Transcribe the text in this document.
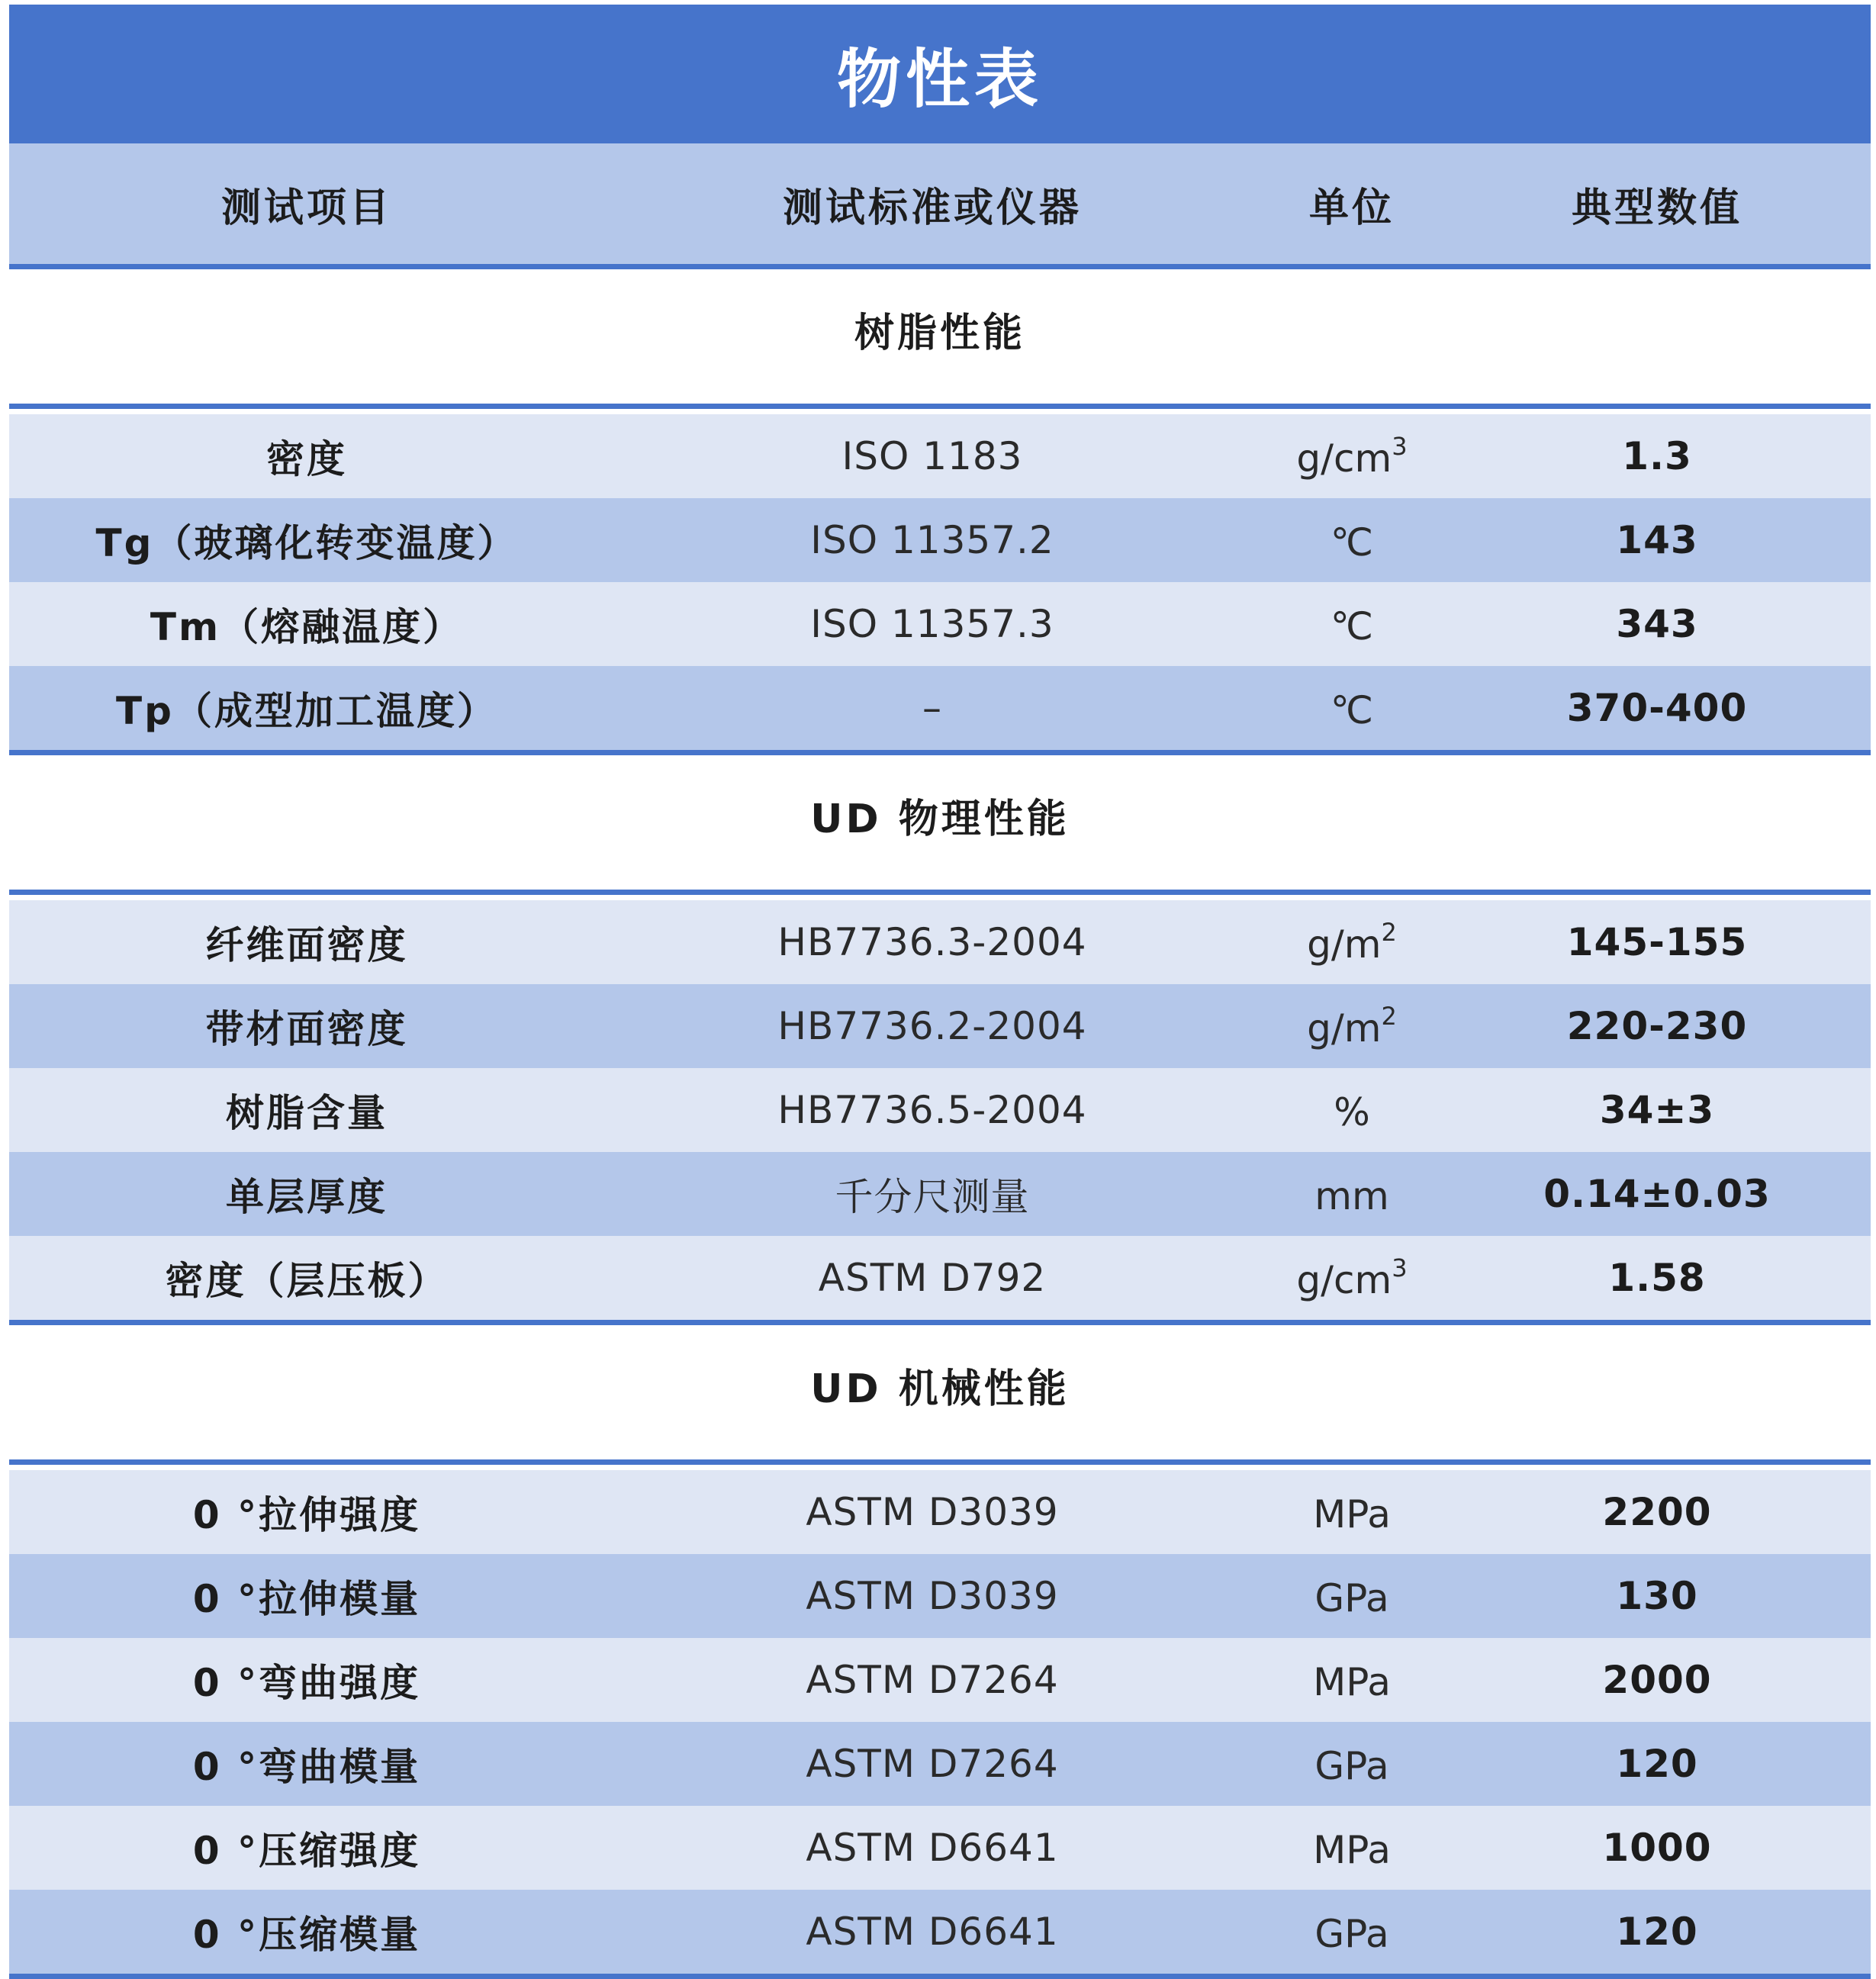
物性表
测试项目	测试标准或仪器	单位	典型数值
树脂性能
密度	ISO 1183	$g/cm^3$	1.3
Tg（玻璃化转变温度）	ISO 11357.2	℃	143
Tm（熔融温度）	ISO 11357.3	℃	343
Tp（成型加工温度）	–	℃	370-400
UD 物理性能
纤维面密度	HB7736.3-2004	$g/m^2$	145-155
带材面密度	HB7736.2-2004	$g/m^2$	220-230
树脂含量	HB7736.5-2004	%	34±3
单层厚度	千分尺测量	mm	0.14±0.03
密度（层压板）	ASTM D792	$g/cm^3$	1.58
UD 机械性能
0 °拉伸强度	ASTM D3039	MPa	2200
0 °拉伸模量	ASTM D3039	GPa	130
0 °弯曲强度	ASTM D7264	MPa	2000
0 °弯曲模量	ASTM D7264	GPa	120
0 °压缩强度	ASTM D6641	MPa	1000
0 °压缩模量	ASTM D6641	GPa	120
